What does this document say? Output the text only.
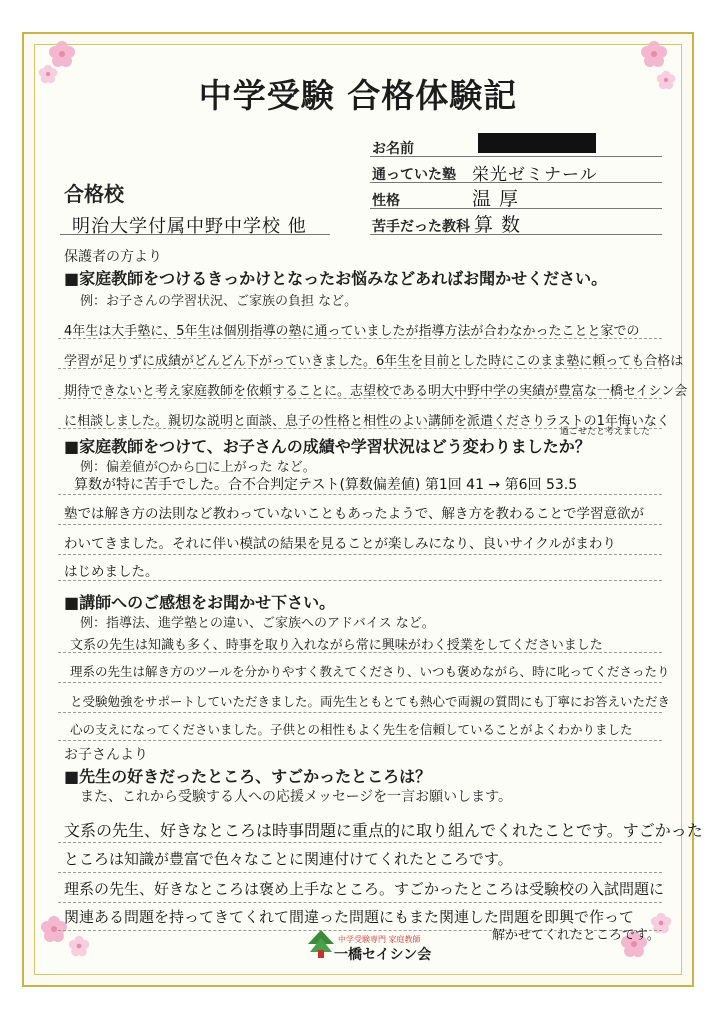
中学受験 合格体験記
お名前
通っていた塾 栄光ゼミナール
性格	温厚
苦手だった教科 算数
合格校
明治大学付属中野中学校 他
保護者の方より
■家庭教師をつけるきっかけとなったお悩みなどあればお聞かせください。
例：お子さんの学習状況、ご家族の負担 など。
4年生は大手塾に、5年生は個別指導の塾に通っていましたが指導方法が合わなかったことと家での
学習が足りずに成績がどんどん下がっていきました。6年生を目前とした時にこのまま塾に頼っても合格は
期待できないと考え家庭教師を依頼することに。志望校である明大中野中学の実績が豊富な一橋セイシン会
に相談しました。親切な説明と面談、息子の性格と相性のよい講師を派遣くださりラストの1年悔いなく
過ごせたと考えました
■家庭教師をつけて、お子さんの成績や学習状況はどう変わりましたか？
例：偏差値が○から□に上がった など。
算数が特に苦手でした。合不合判定テスト(算数偏差値) 第1回 41 → 第6回 53.5
塾では解き方の法則など教わっていないこともあったようで、解き方を教わることで学習意欲が
わいてきました。それに伴い模試の結果を見ることが楽しみになり、良いサイクルがまわり
はじめました。
■講師へのご感想をお聞かせ下さい。
例：指導法、進学塾との違い、ご家族へのアドバイス など。
文系の先生は知識も多く、時事を取り入れながら常に興味がわく授業をしてくださいました
理系の先生は解き方のツールを分かりやすく教えてくださり、いつも褒めながら、時に叱ってくださったり
と受験勉強をサポートしていただきました。両先生ともとても熱心で両親の質問にも丁寧にお答えいただき
心の支えになってくださいました。子供との相性もよく先生を信頼していることがよくわかりました
お子さんより
■先生の好きだったところ、すごかったところは？
また、これから受験する人への応援メッセージを一言お願いします。
文系の先生、好きなところは時事問題に重点的に取り組んでくれたことです。すごかった
ところは知識が豊富で色々なことに関連付けてくれたところです。
理系の先生、好きなところは褒め上手なところ。すごかったところは受験校の入試問題に
関連ある問題を持ってきてくれて間違った問題にもまた関連した問題を即興で作って
解かせてくれたところです。
中学受験専門 家庭教師
一橋セイシン会
